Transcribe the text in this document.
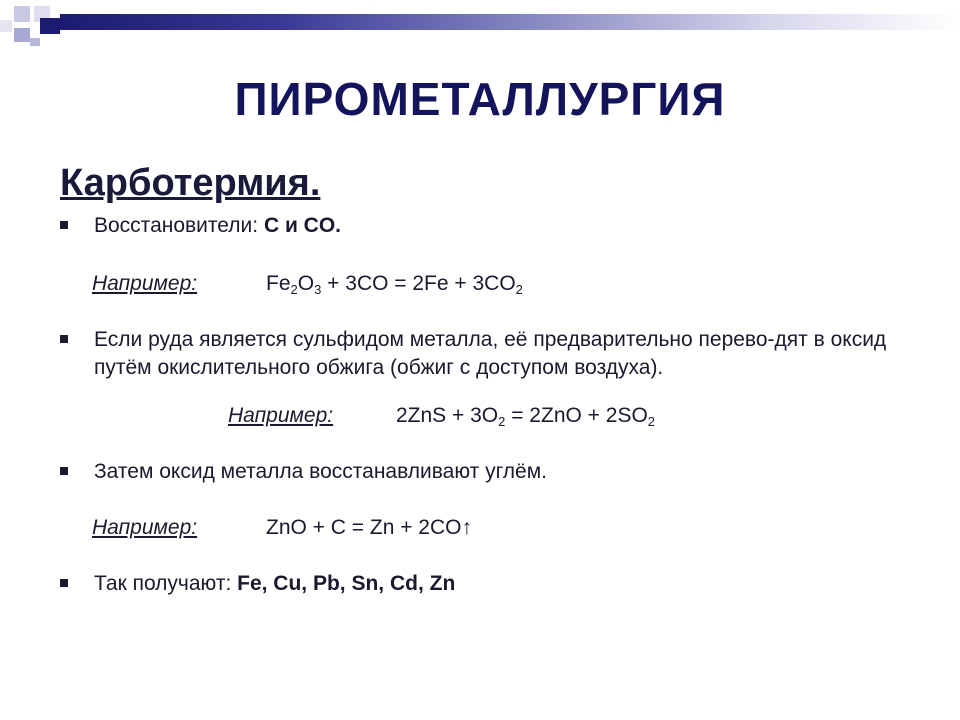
ПИРОМЕТАЛЛУРГИЯ
Карботермия.
Восстановители: C и CO.
Например:	$Fe_2O_3 + 3CO = 2Fe + 3CO_2$
Если руда является сульфидом металла, её предварительно перево-дят в оксид путём окислительного обжига (обжиг с доступом воздуха).
Например:	$2ZnS + 3O_2 = 2ZnO + 2SO_2$
Затем оксид металла восстанавливают углём.
Например:	ZnO + C = Zn + 2CO↑
Так получают: Fe, Cu, Pb, Sn, Cd, Zn
